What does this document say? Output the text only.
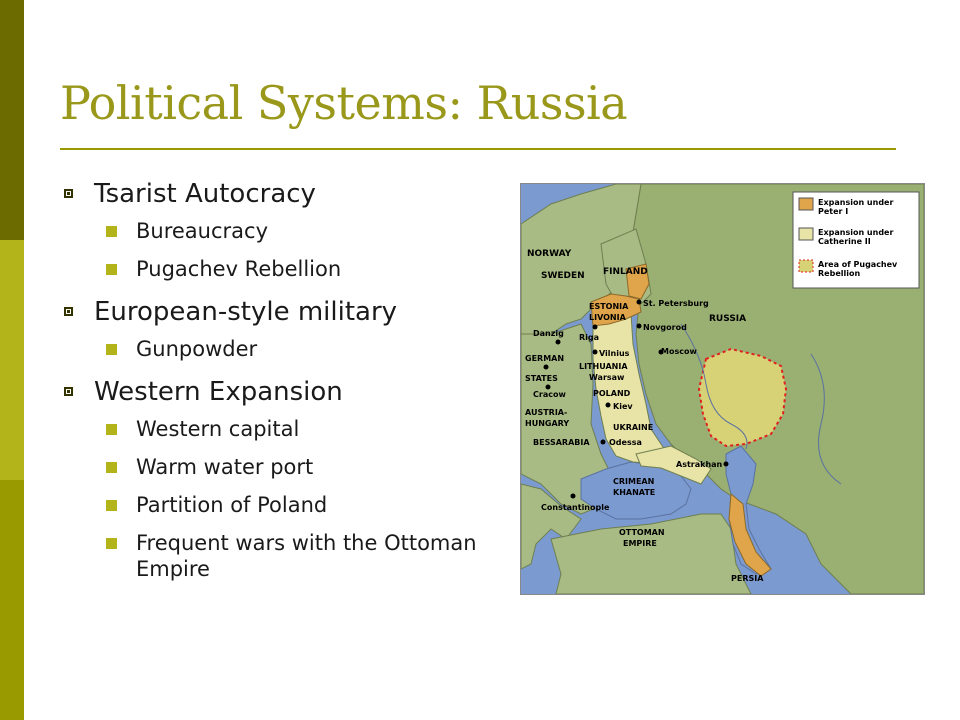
Political Systems: Russia
Tsarist Autocracy
Bureaucracy
Pugachev Rebellion
European-style military
Gunpowder
Western Expansion
Western capital
Warm water port
Partition of Poland
Frequent wars with the Ottoman Empire
Expansion under
Peter I
Expansion under
Catherine II
Area of Pugachev
Rebellion
NORWAY
SWEDEN FINLAND
ESTONIA
LIVONIA
St. Petersburg
RUSSIA
Novgorod
Riga
Danzig
Moscow
Vilnius
GERMAN
STATES
LITHUANIA
Warsaw
POLAND
Cracow
AUSTRIA-
HUNGARY
Kiev
UKRAINE
BESSARABIA Odessa
Astrakhan
CRIMEAN
KHANATE
Constantinople
OTTOMAN
EMPIRE
PERSIA
